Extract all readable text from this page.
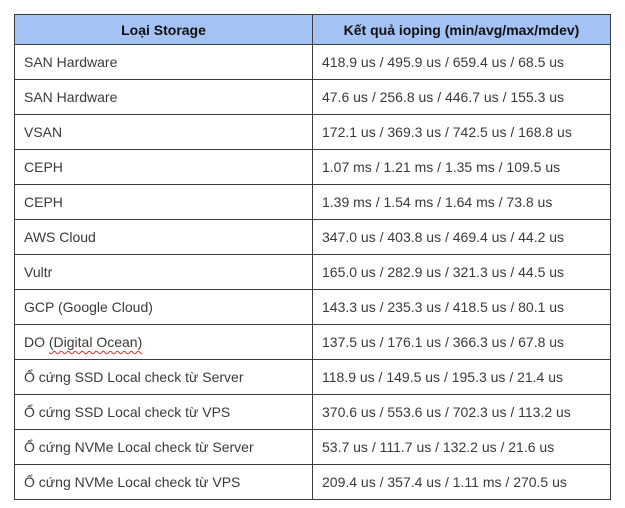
Loại Storage	Kết quả ioping (min/avg/max/mdev)
SAN Hardware	418.9 us / 495.9 us / 659.4 us / 68.5 us
SAN Hardware	47.6 us / 256.8 us / 446.7 us / 155.3 us
VSAN	172.1 us / 369.3 us / 742.5 us / 168.8 us
CEPH	1.07 ms / 1.21 ms / 1.35 ms / 109.5 us
CEPH	1.39 ms / 1.54 ms / 1.64 ms / 73.8 us
AWS Cloud	347.0 us / 403.8 us / 469.4 us / 44.2 us
Vultr	165.0 us / 282.9 us / 321.3 us / 44.5 us
GCP (Google Cloud)	143.3 us / 235.3 us / 418.5 us / 80.1 us
DO (Digital Ocean)	137.5 us / 176.1 us / 366.3 us / 67.8 us
Ổ cứng SSD Local check từ Server	118.9 us / 149.5 us / 195.3 us / 21.4 us
Ổ cứng SSD Local check từ VPS	370.6 us / 553.6 us / 702.3 us / 113.2 us
Ổ cứng NVMe Local check từ Server	53.7 us / 111.7 us / 132.2 us / 21.6 us
Ổ cứng NVMe Local check từ VPS	209.4 us / 357.4 us / 1.11 ms / 270.5 us
